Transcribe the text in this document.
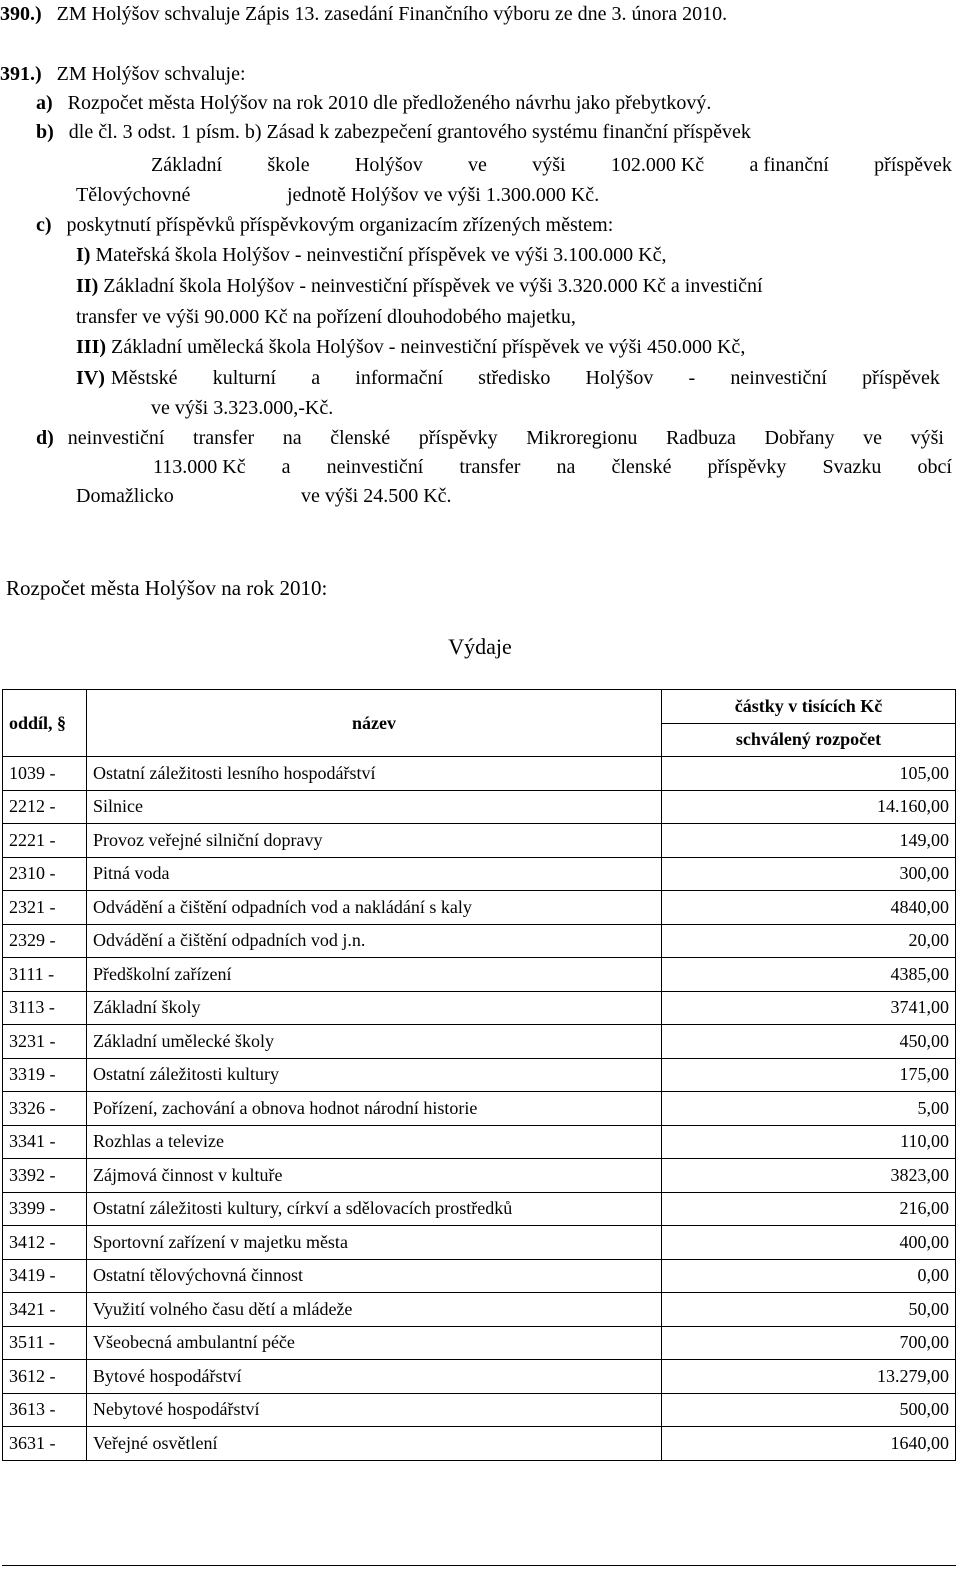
390.) ZM Holýšov schvaluje Zápis 13. zasedání Finančního výboru ze dne 3. února 2010.
391.) ZM Holýšov schvaluje:
a) Rozpočet města Holýšov na rok 2010 dle předloženého návrhu jako přebytkový.
b) dle čl. 3 odst. 1 písm. b) Zásad k zabezpečení grantového systému finanční příspěvek
Základní škole Holýšov ve výši 102.000 Kč a finanční příspěvek
Tělovýchovné	jednotě Holýšov ve výši 1.300.000 Kč.
c) poskytnutí příspěvků příspěvkovým organizacím zřízených městem:
I) Mateřská škola Holýšov - neinvestiční příspěvek ve výši 3.100.000 Kč,
II) Základní škola Holýšov - neinvestiční příspěvek ve výši 3.320.000 Kč a investiční
transfer ve výši 90.000 Kč na pořízení dlouhodobého majetku,
III) Základní umělecká škola Holýšov - neinvestiční příspěvek ve výši 450.000 Kč,
IV) Městské kulturní a informační středisko Holýšov - neinvestiční příspěvek
ve výši 3.323.000,-Kč.
d) neinvestiční transfer na členské příspěvky Mikroregionu Radbuza Dobřany ve výši
113.000 Kč a neinvestiční transfer na členské příspěvky Svazku obcí
Domažlicko	ve výši 24.500 Kč.
Rozpočet města Holýšov na rok 2010:
Výdaje
oddíl, §	název	částky v tisících Kč
		schválený rozpočet
1039 -	Ostatní záležitosti lesního hospodářství	105,00
2212 -	Silnice	14.160,00
2221 -	Provoz veřejné silniční dopravy	149,00
2310 -	Pitná voda	300,00
2321 -	Odvádění a čištění odpadních vod a nakládání s kaly	4840,00
2329 -	Odvádění a čištění odpadních vod j.n.	20,00
3111 -	Předškolní zařízení	4385,00
3113 -	Základní školy	3741,00
3231 -	Základní umělecké školy	450,00
3319 -	Ostatní záležitosti kultury	175,00
3326 -	Pořízení, zachování a obnova hodnot národní historie	5,00
3341 -	Rozhlas a televize	110,00
3392 -	Zájmová činnost v kultuře	3823,00
3399 -	Ostatní záležitosti kultury, církví a sdělovacích prostředků	216,00
3412 -	Sportovní zařízení v majetku města	400,00
3419 -	Ostatní tělovýchovná činnost	0,00
3421 -	Využití volného času dětí a mládeže	50,00
3511 -	Všeobecná ambulantní péče	700,00
3612 -	Bytové hospodářství	13.279,00
3613 -	Nebytové hospodářství	500,00
3631 -	Veřejné osvětlení	1640,00
